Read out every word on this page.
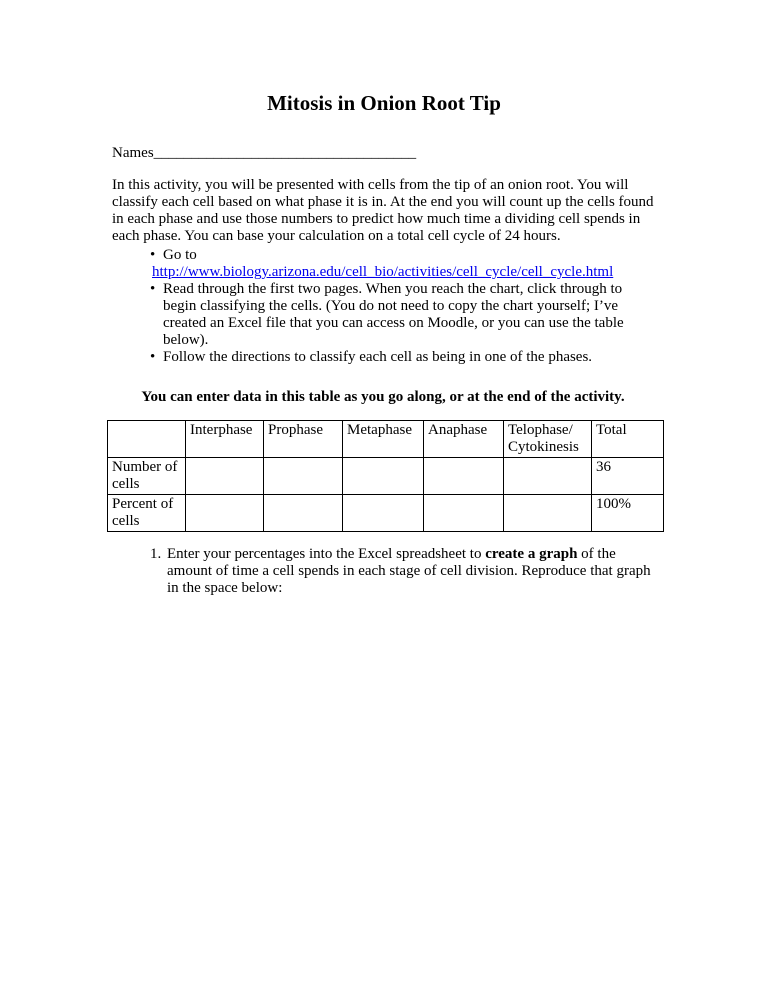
Mitosis in Onion Root Tip
Names___________________________________

In this activity, you will be presented with cells from the tip of an onion root. You will classify each cell based on what phase it is in. At the end you will count up the cells found in each phase and use those numbers to predict how much time a dividing cell spends in each phase. You can base your calculation on a total cell cycle of 24 hours.

• Go to
http://www.biology.arizona.edu/cell_bio/activities/cell_cycle/cell_cycle.html
• Read through the first two pages. When you reach the chart, click through to begin classifying the cells. (You do not need to copy the chart yourself; I’ve created an Excel file that you can access on Moodle, or you can use the table below).
• Follow the directions to classify each cell as being in one of the phases.

You can enter data in this table as you go along, or at the end of the activity.

	Interphase	Prophase	Metaphase	Anaphase	Telophase/ Cytokinesis	Total
Number of cells						36
Percent of cells						100%
1. Enter your percentages into the Excel spreadsheet to create a graph of the amount of time a cell spends in each stage of cell division. Reproduce that graph in the space below:
